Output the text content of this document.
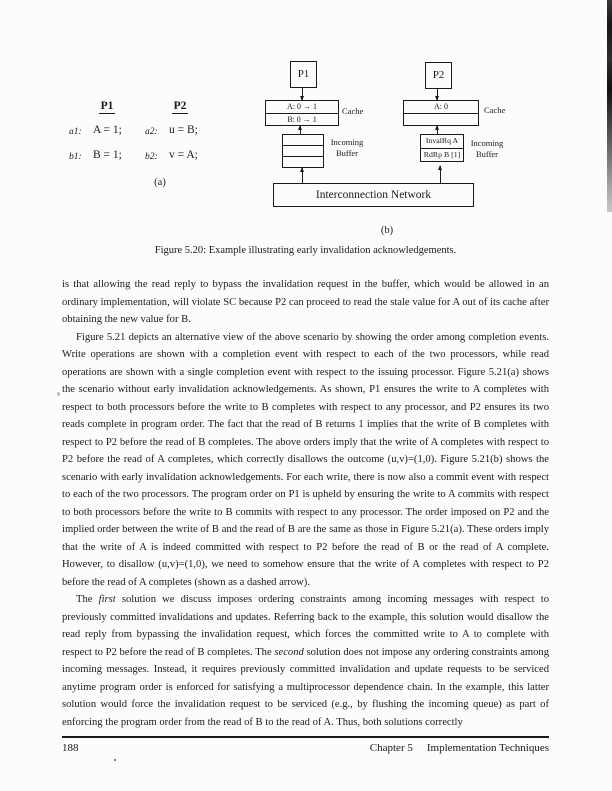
P1	P2
a1: A = 1; a2: u = B;
b1: B = 1; b2: v = A;
(a)
P1	P2
A: 0 → 1
B: 0 → 1
Cache	A: 0	Cache
Incoming Buffer
InvalRq A
RdRp B [1]
Incoming Buffer
Interconnection Network
(b)
Figure 5.20: Example illustrating early invalidation acknowledgements.

is that allowing the read reply to bypass the invalidation request in the buffer, which would be allowed in an ordinary implementation, will violate SC because P2 can proceed to read the stale value for A out of its cache after obtaining the new value for B.

Figure 5.21 depicts an alternative view of the above scenario by showing the order among completion events. Write operations are shown with a completion event with respect to each of the two processors, while read operations are shown with a single completion event with respect to the issuing processor. Figure 5.21(a) shows the scenario without early invalidation acknowledgements. As shown, P1 ensures the write to A completes with respect to both processors before the write to B completes with respect to any processor, and P2 ensures its two reads complete in program order. The fact that the read of B returns 1 implies that the write of B completes with respect to P2 before the read of B completes. The above orders imply that the write of A completes with respect to P2 before the read of A completes, which correctly disallows the outcome (u,v)=(1,0). Figure 5.21(b) shows the scenario with early invalidation acknowledgements. For each write, there is now also a commit event with respect to each of the two processors. The program order on P1 is upheld by ensuring the write to A commits with respect to both processors before the write to B commits with respect to any processor. The order imposed on P2 and the implied order between the write of B and the read of B are the same as those in Figure 5.21(a). These orders imply that the write of A is indeed committed with respect to P2 before the read of B or the read of A complete. However, to disallow (u,v)=(1,0), we need to somehow ensure that the write of A completes with respect to P2 before the read of A completes (shown as a dashed arrow).

The first solution we discuss imposes ordering constraints among incoming messages with respect to previously committed invalidations and updates. Referring back to the example, this solution would disallow the read reply from bypassing the invalidation request, which forces the committed write to A to complete with respect to P2 before the read of B completes. The second solution does not impose any ordering constraints among incoming messages. Instead, it requires previously committed invalidation and update requests to be serviced anytime program order is enforced for satisfying a multiprocessor dependence chain. In the example, this latter solution would force the invalidation request to be serviced (e.g., by flushing the incoming queue) as part of enforcing the program order from the read of B to the read of A. Thus, both solutions correctly

188	Chapter 5 Implementation Techniques
